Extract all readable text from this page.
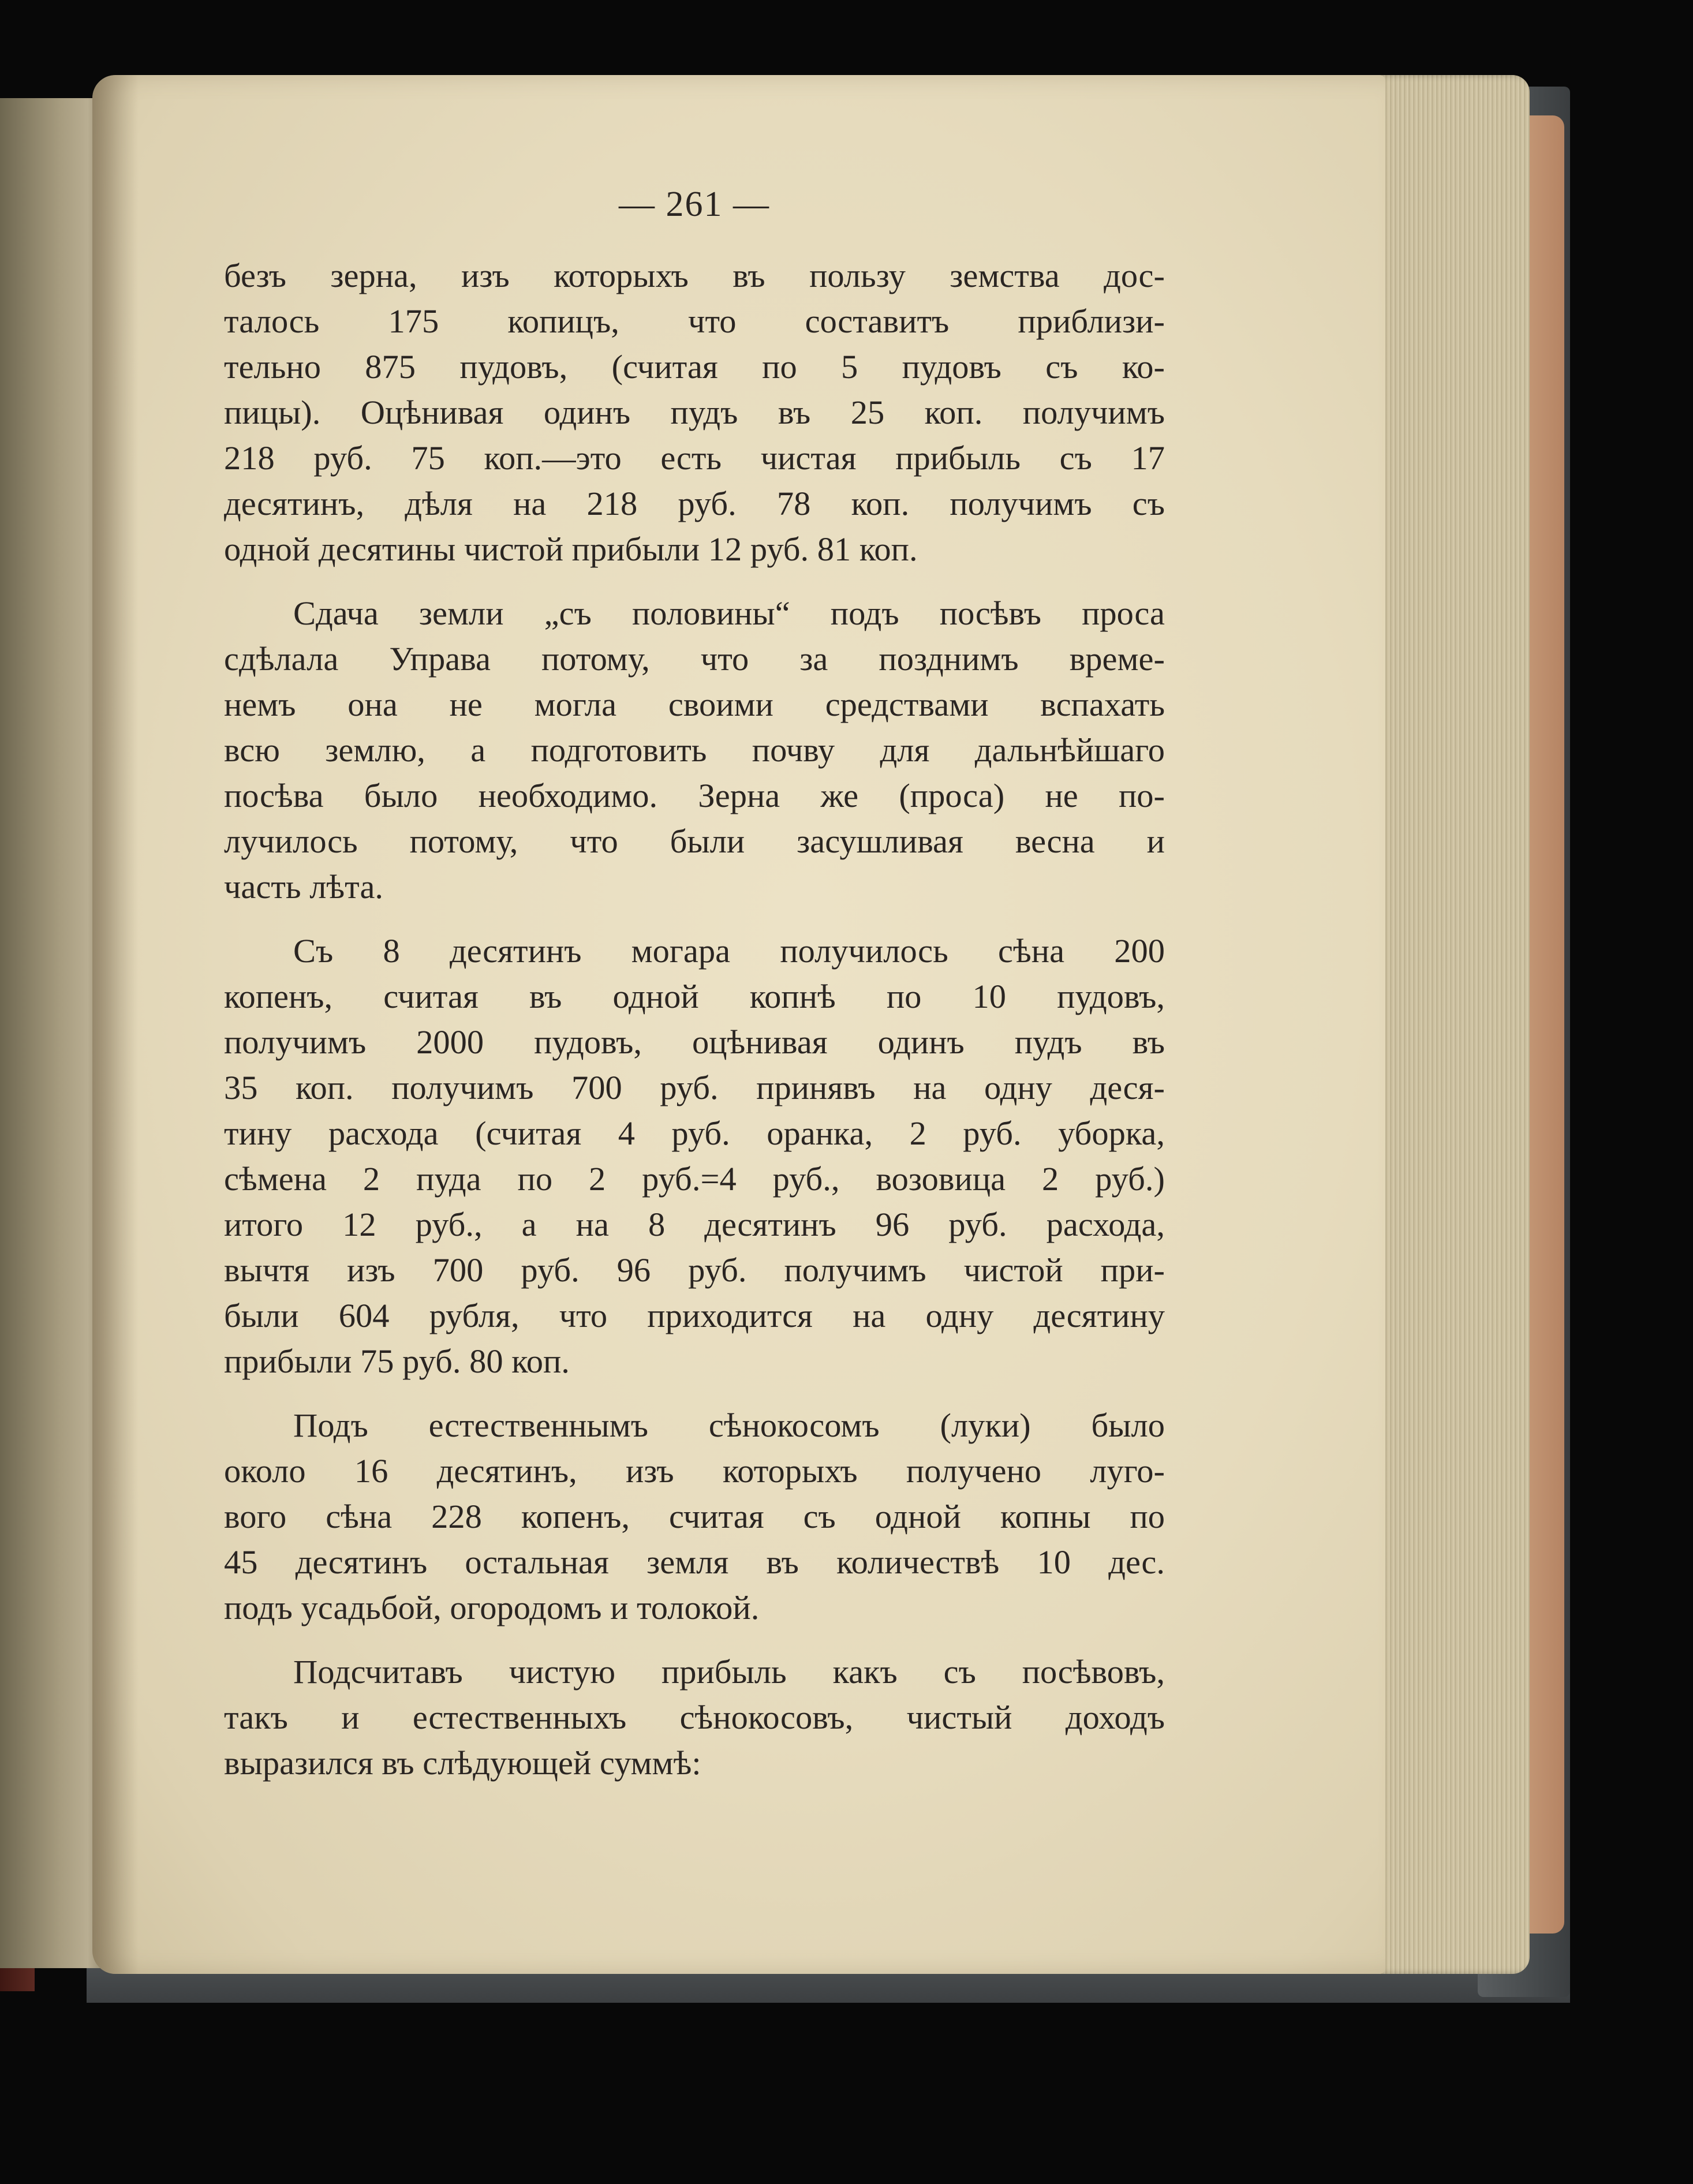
— 261 —
безъ зерна, изъ которыхъ въ пользу земства дос-
талось 175 копицъ, что составитъ приблизи-
тельно 875 пудовъ, (считая по 5 пудовъ съ ко-
пицы). Оцѣнивая одинъ пудъ въ 25 коп. получимъ
218 руб. 75 коп.—это есть чистая прибыль съ 17
десятинъ, дѣля на 218 руб. 78 коп. получимъ съ
одной десятины чистой прибыли 12 руб. 81 коп.
Сдача земли „съ половины“ подъ посѣвъ проса
сдѣлала Управа потому, что за позднимъ време-
немъ она не могла своими средствами вспахать
всю землю, а подготовить почву для дальнѣйшаго
посѣва было необходимо. Зерна же (проса) не по-
лучилось потому, что были засушливая весна и
часть лѣта.
Съ 8 десятинъ могара получилось сѣна 200
копенъ, считая въ одной копнѣ по 10 пудовъ,
получимъ 2000 пудовъ, оцѣнивая одинъ пудъ въ
35 коп. получимъ 700 руб. принявъ на одну деся-
тину расхода (считая 4 руб. оранка, 2 руб. уборка,
сѣмена 2 пуда по 2 руб.=4 руб., возовица 2 руб.)
итого 12 руб., а на 8 десятинъ 96 руб. расхода,
вычтя изъ 700 руб. 96 руб. получимъ чистой при-
были 604 рубля, что приходится на одну десятину
прибыли 75 руб. 80 коп.
Подъ естественнымъ сѣнокосомъ (луки) было
около 16 десятинъ, изъ которыхъ получено луго-
вого сѣна 228 копенъ, считая съ одной копны по
45 десятинъ остальная земля въ количествѣ 10 дес.
подъ усадьбой, огородомъ и толокой.
Подсчитавъ чистую прибыль какъ съ посѣвовъ,
такъ и естественныхъ сѣнокосовъ, чистый доходъ
выразился въ слѣдующей суммѣ:
